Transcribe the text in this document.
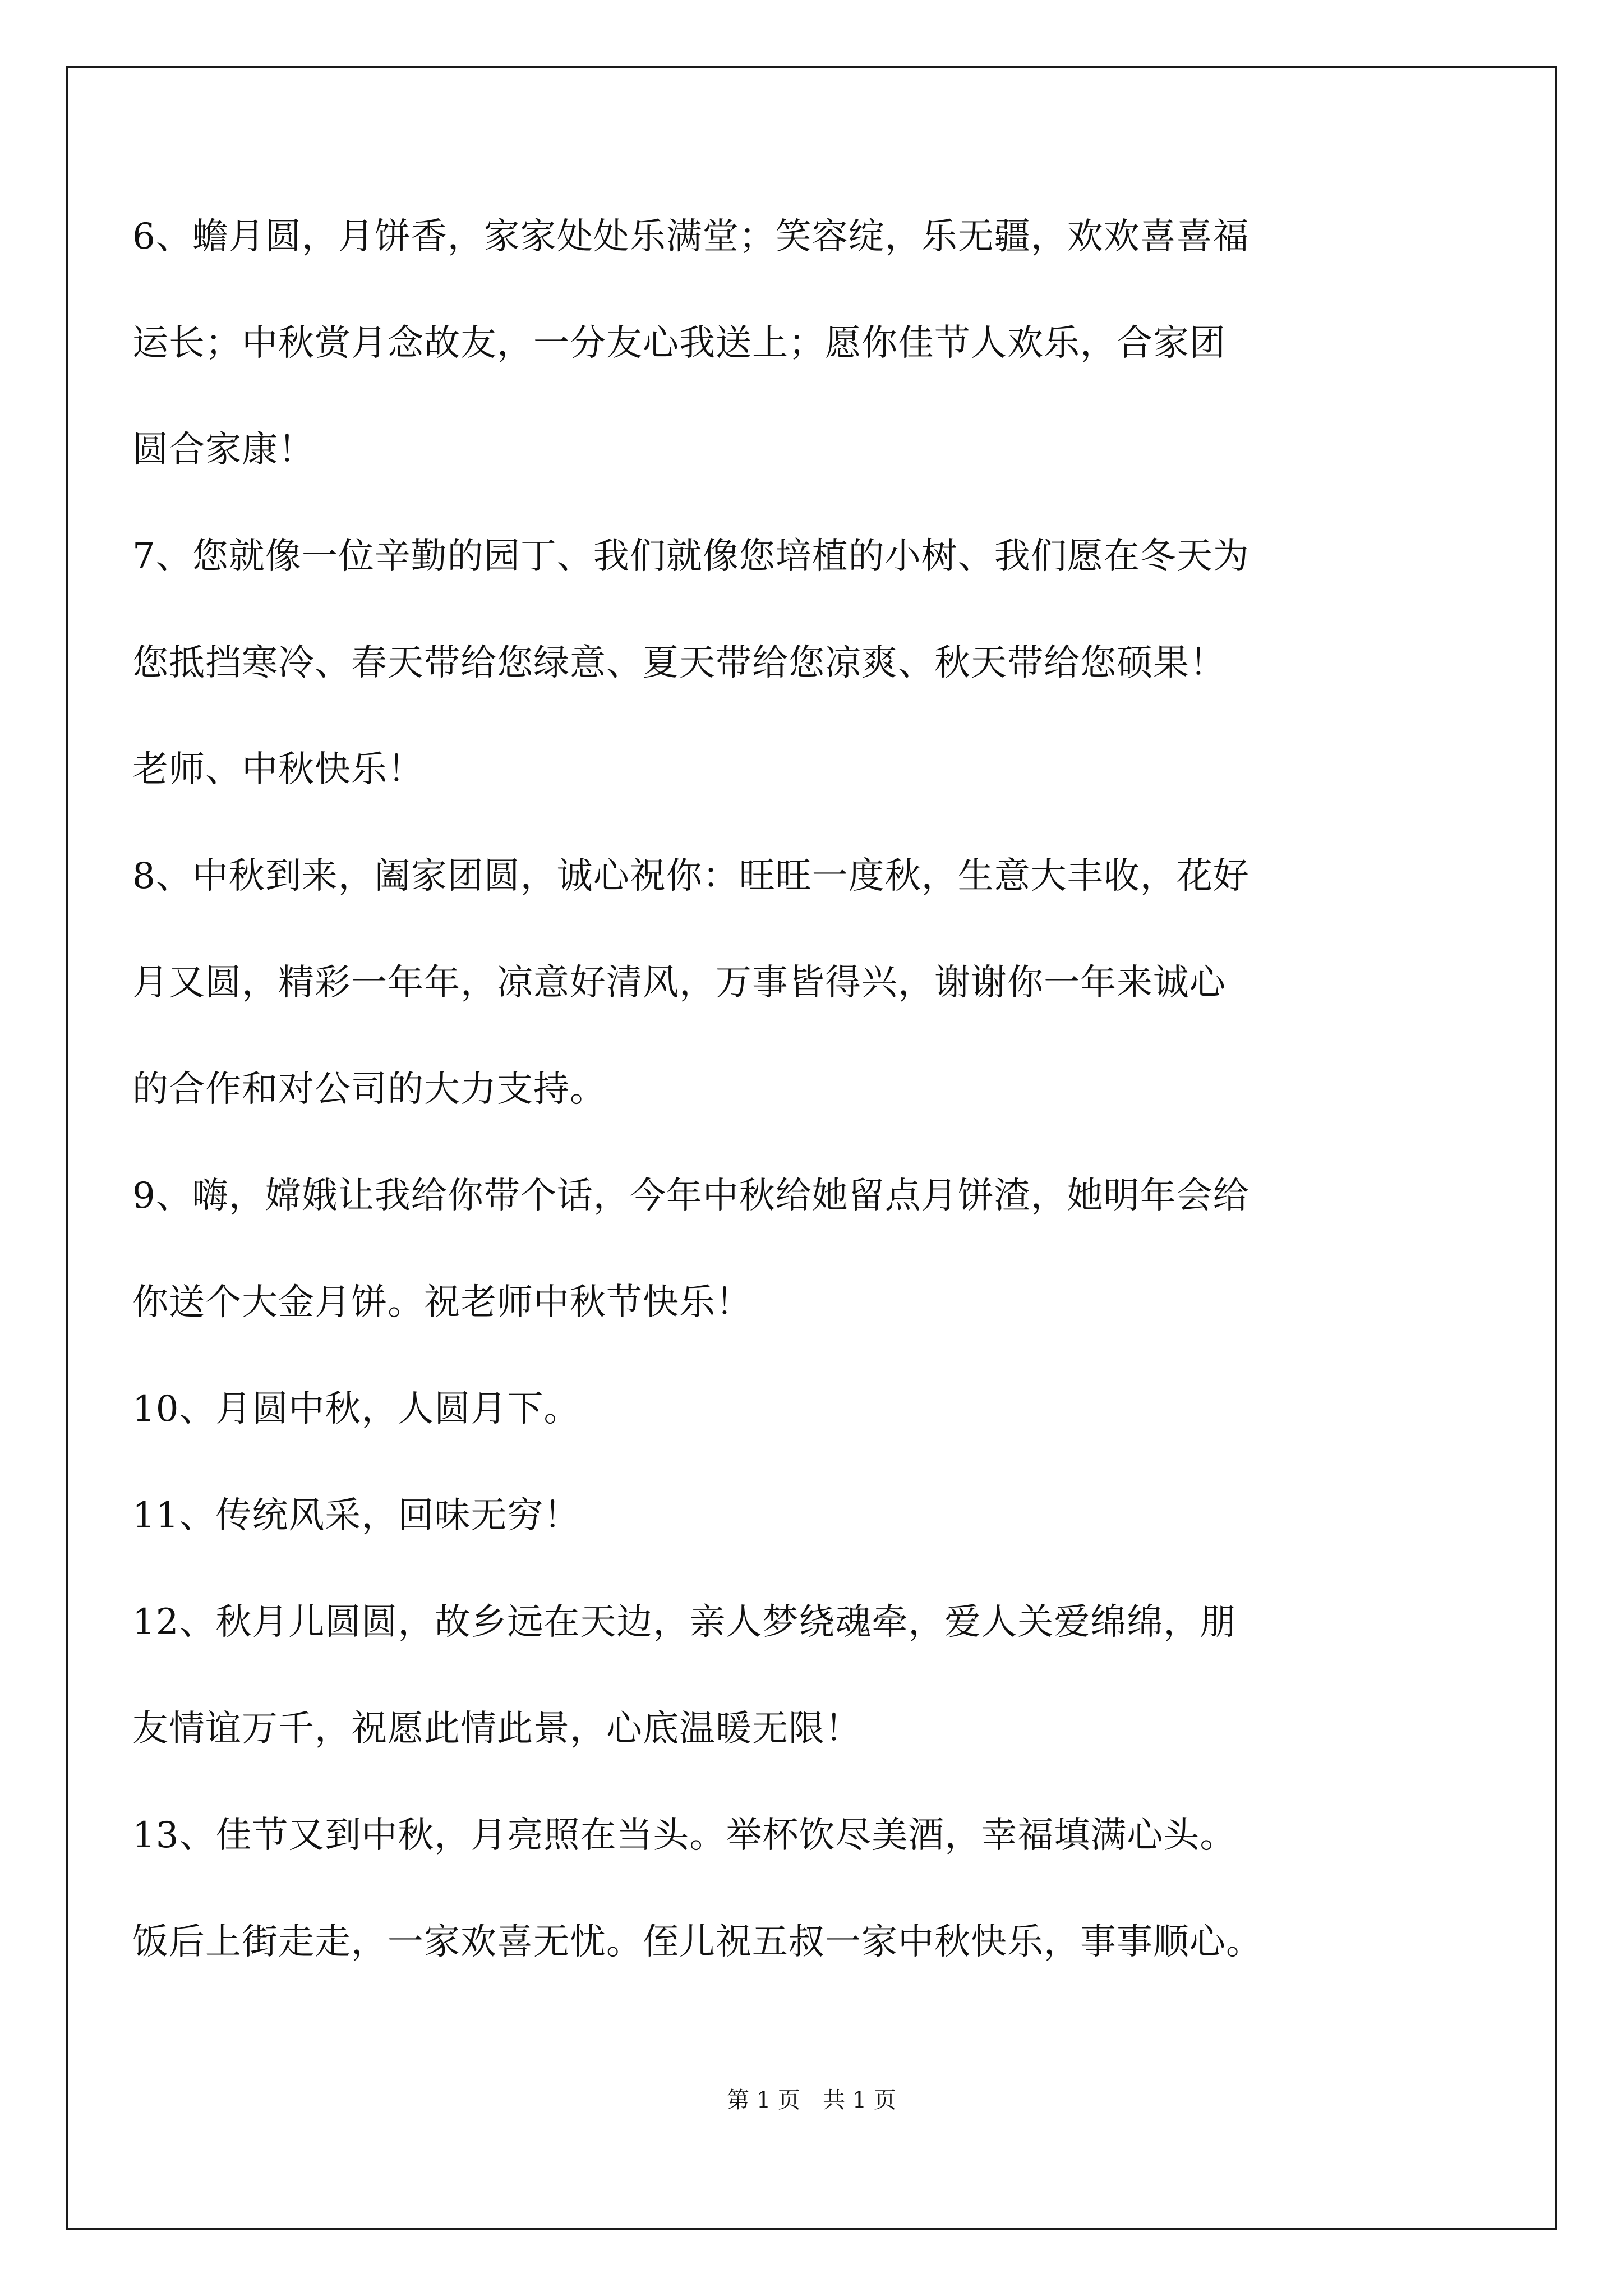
6、蟾月圆，月饼香，家家处处乐满堂；笑容绽，乐无疆，欢欢喜喜福
运长；中秋赏月念故友，一分友心我送上；愿你佳节人欢乐，合家团
圆合家康！
7、您就像一位辛勤的园丁、我们就像您培植的小树、我们愿在冬天为
您抵挡寒冷、春天带给您绿意、夏天带给您凉爽、秋天带给您硕果！
老师、中秋快乐！
8、中秋到来，阖家团圆，诚心祝你：旺旺一度秋，生意大丰收，花好
月又圆，精彩一年年，凉意好清风，万事皆得兴，谢谢你一年来诚心
的合作和对公司的大力支持。
9、嗨，嫦娥让我给你带个话，今年中秋给她留点月饼渣，她明年会给
你送个大金月饼。祝老师中秋节快乐！
10、月圆中秋，人圆月下。
11、传统风采，回味无穷！
12、秋月儿圆圆，故乡远在天边，亲人梦绕魂牵，爱人关爱绵绵，朋
友情谊万千，祝愿此情此景，心底温暖无限！
13、佳节又到中秋，月亮照在当头。举杯饮尽美酒，幸福填满心头。
饭后上街走走，一家欢喜无忧。侄儿祝五叔一家中秋快乐，事事顺心。
第 1 页　共 1 页
